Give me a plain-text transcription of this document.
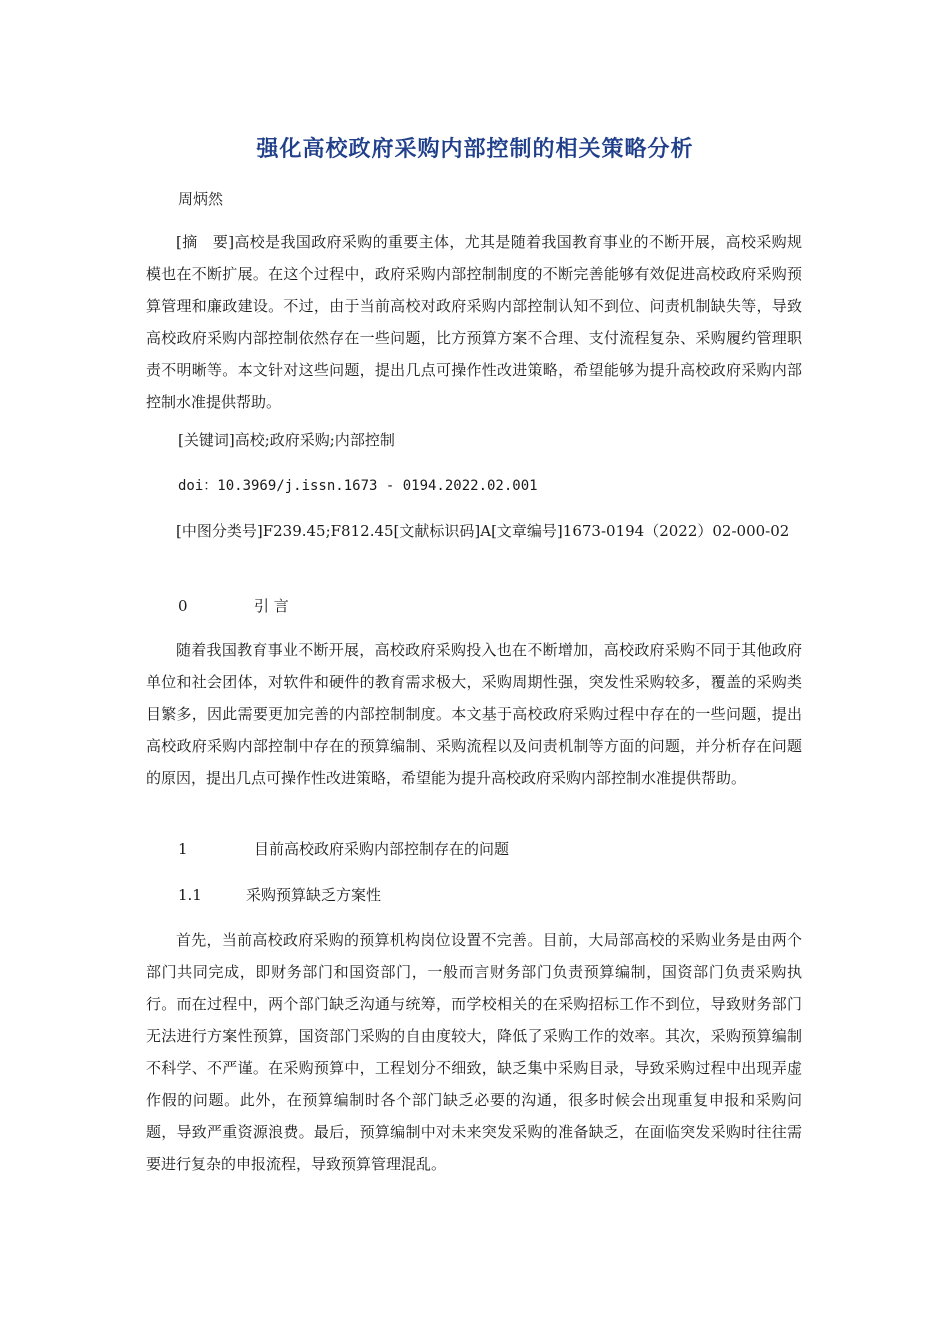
强化高校政府采购内部控制的相关策略分析

周炳然

[摘　要]高校是我国政府采购的重要主体，尤其是随着我国教育事业的不断开展，高校采购规模也在不断扩展。在这个过程中，政府采购内部控制制度的不断完善能够有效促进高校政府采购预算管理和廉政建设。不过，由于当前高校对政府采购内部控制认知不到位、问责机制缺失等，导致高校政府采购内部控制依然存在一些问题，比方预算方案不合理、支付流程复杂、采购履约管理职责不明晰等。本文针对这些问题，提出几点可操作性改进策略，希望能够为提升高校政府采购内部控制水准提供帮助。

[关键词]高校;政府采购;内部控制

doi：10.3969/j.issn.1673 - 0194.2022.02.001

[中图分类号]F239.45;F812.45[文献标识码]A[文章编号]1673-0194（2022）02-000-02

0	引 言

随着我国教育事业不断开展，高校政府采购投入也在不断增加，高校政府采购不同于其他政府单位和社会团体，对软件和硬件的教育需求极大，采购周期性强，突发性采购较多，覆盖的采购类目繁多，因此需要更加完善的内部控制制度。本文基于高校政府采购过程中存在的一些问题，提出高校政府采购内部控制中存在的预算编制、采购流程以及问责机制等方面的问题，并分析存在问题的原因，提出几点可操作性改进策略，希望能为提升高校政府采购内部控制水准提供帮助。

1	目前高校政府采购内部控制存在的问题

1.1	采购预算缺乏方案性

首先，当前高校政府采购的预算机构岗位设置不完善。目前，大局部高校的采购业务是由两个部门共同完成，即财务部门和国资部门，一般而言财务部门负责预算编制，国资部门负责采购执行。而在过程中，两个部门缺乏沟通与统筹，而学校相关的在采购招标工作不到位，导致财务部门无法进行方案性预算，国资部门采购的自由度较大，降低了采购工作的效率。其次，采购预算编制不科学、不严谨。在采购预算中，工程划分不细致，缺乏集中采购目录，导致采购过程中出现弄虚作假的问题。此外，在预算编制时各个部门缺乏必要的沟通，很多时候会出现重复申报和采购问题，导致严重资源浪费。最后，预算编制中对未来突发采购的准备缺乏，在面临突发采购时往往需要进行复杂的申报流程，导致预算管理混乱。
